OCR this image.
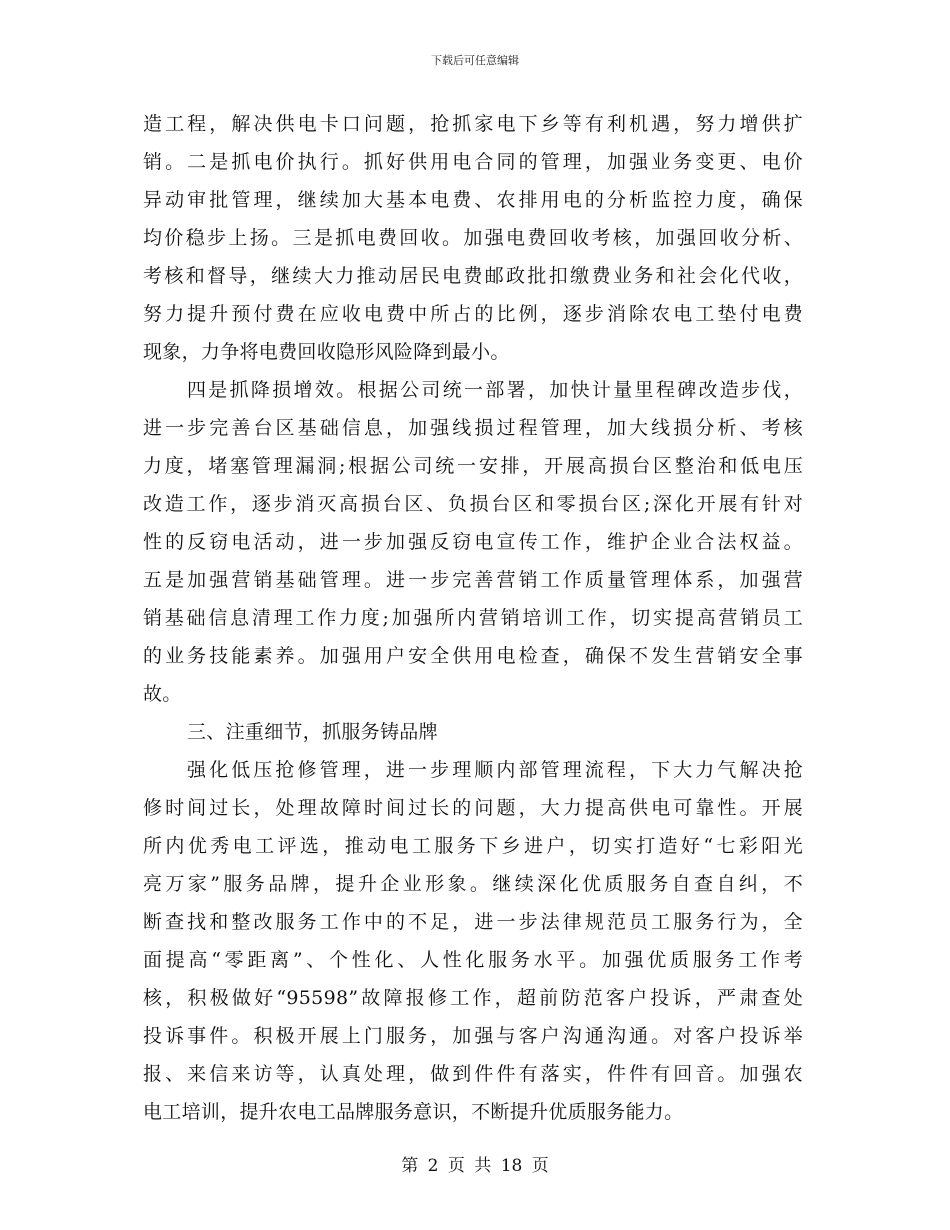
下载后可任意编辑
造工程，解决供电卡口问题，抢抓家电下乡等有利机遇，努力增供扩
销。二是抓电价执行。抓好供用电合同的管理，加强业务变更、电价
异动审批管理，继续加大基本电费、农排用电的分析监控力度，确保
均价稳步上扬。三是抓电费回收。加强电费回收考核，加强回收分析、
考核和督导，继续大力推动居民电费邮政批扣缴费业务和社会化代收，
努力提升预付费在应收电费中所占的比例，逐步消除农电工垫付电费
现象，力争将电费回收隐形风险降到最小。
四是抓降损增效。根据公司统一部署，加快计量里程碑改造步伐，
进一步完善台区基础信息，加强线损过程管理，加大线损分析、考核
力度，堵塞管理漏洞;根据公司统一安排，开展高损台区整治和低电压
改造工作，逐步消灭高损台区、负损台区和零损台区;深化开展有针对
性的反窃电活动，进一步加强反窃电宣传工作，维护企业合法权益。
五是加强营销基础管理。进一步完善营销工作质量管理体系，加强营
销基础信息清理工作力度;加强所内营销培训工作，切实提高营销员工
的业务技能素养。加强用户安全供用电检查，确保不发生营销安全事
故。
三、注重细节，抓服务铸品牌
强化低压抢修管理，进一步理顺内部管理流程，下大力气解决抢
修时间过长，处理故障时间过长的问题，大力提高供电可靠性。开展
所内优秀电工评选，推动电工服务下乡进户，切实打造好“七彩阳光
亮万家”服务品牌，提升企业形象。继续深化优质服务自查自纠，不
断查找和整改服务工作中的不足，进一步法律规范员工服务行为，全
面提高“零距离”、个性化、人性化服务水平。加强优质服务工作考
核，积极做好“95598”故障报修工作，超前防范客户投诉，严肃查处
投诉事件。积极开展上门服务，加强与客户沟通沟通。对客户投诉举
报、来信来访等，认真处理，做到件件有落实，件件有回音。加强农
电工培训，提升农电工品牌服务意识，不断提升优质服务能力。
第 2 页 共 18 页
